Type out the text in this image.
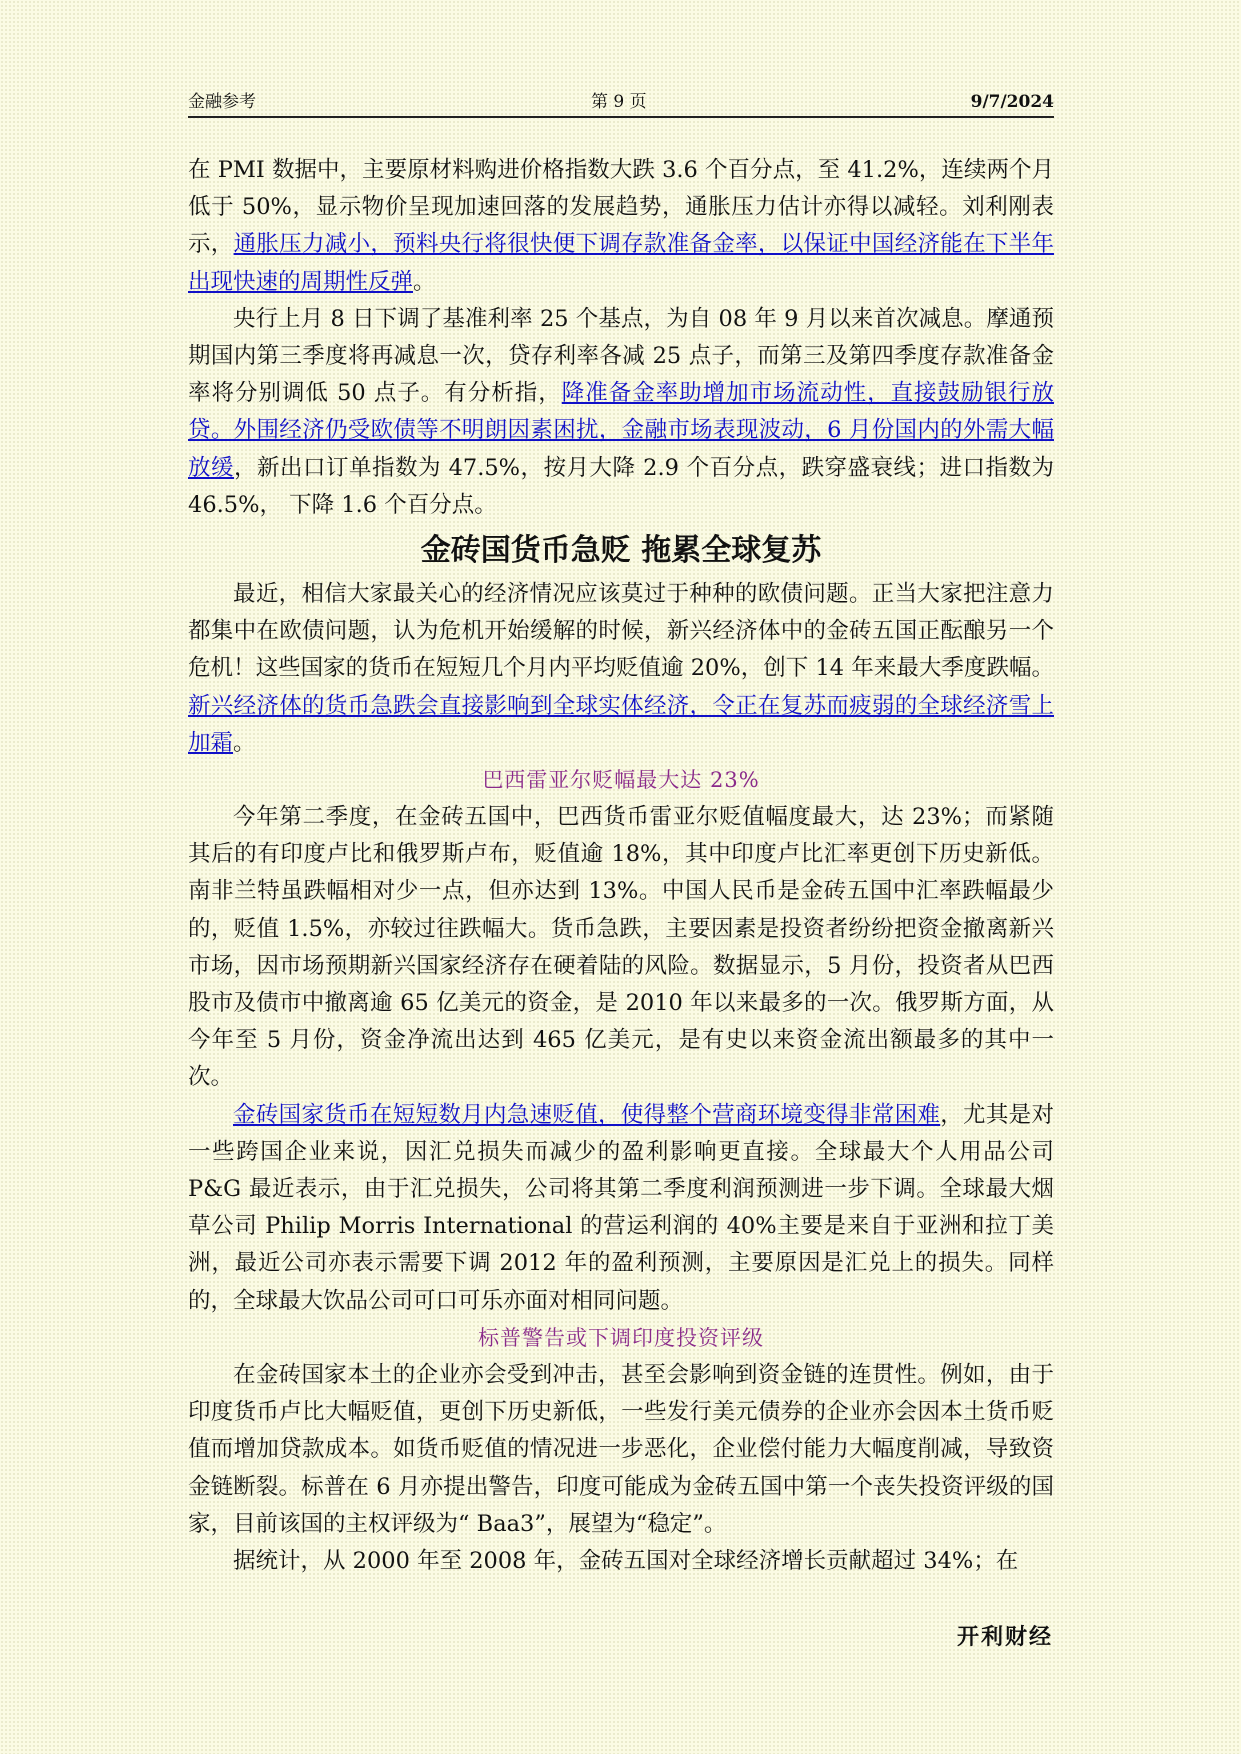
金融参考	第 9 页	9/7/2024

在 PMI 数据中，主要原材料购进价格指数大跌 3.6 个百分点，至 41.2%，连续两个月低于 50%，显示物价呈现加速回落的发展趋势，通胀压力估计亦得以减轻。刘利刚表示，通胀压力减小，预料央行将很快便下调存款准备金率，以保证中国经济能在下半年出现快速的周期性反弹。

央行上月 8 日下调了基准利率 25 个基点，为自 08 年 9 月以来首次减息。摩通预期国内第三季度将再减息一次，贷存利率各减 25 点子，而第三及第四季度存款准备金率将分别调低 50 点子。有分析指，降准备金率助增加市场流动性，直接鼓励银行放贷。外围经济仍受欧债等不明朗因素困扰，金融市场表现波动，6 月份国内的外需大幅放缓，新出口订单指数为 47.5%，按月大降 2.9 个百分点，跌穿盛衰线；进口指数为 46.5%， 下降 1.6 个百分点。

金砖国货币急贬 拖累全球复苏

最近，相信大家最关心的经济情况应该莫过于种种的欧债问题。正当大家把注意力都集中在欧债问题，认为危机开始缓解的时候，新兴经济体中的金砖五国正酝酿另一个危机！这些国家的货币在短短几个月内平均贬值逾 20%，创下 14 年来最大季度跌幅。新兴经济体的货币急跌会直接影响到全球实体经济，令正在复苏而疲弱的全球经济雪上加霜。

巴西雷亚尔贬幅最大达 23%

今年第二季度，在金砖五国中，巴西货币雷亚尔贬值幅度最大，达 23%；而紧随其后的有印度卢比和俄罗斯卢布，贬值逾 18%，其中印度卢比汇率更创下历史新低。南非兰特虽跌幅相对少一点，但亦达到 13%。中国人民币是金砖五国中汇率跌幅最少的，贬值 1.5%，亦较过往跌幅大。货币急跌，主要因素是投资者纷纷把资金撤离新兴市场，因市场预期新兴国家经济存在硬着陆的风险。数据显示，5 月份，投资者从巴西股市及债市中撤离逾 65 亿美元的资金，是 2010 年以来最多的一次。俄罗斯方面，从今年至 5 月份，资金净流出达到 465 亿美元，是有史以来资金流出额最多的其中一次。

金砖国家货币在短短数月内急速贬值，使得整个营商环境变得非常困难，尤其是对一些跨国企业来说，因汇兑损失而减少的盈利影响更直接。全球最大个人用品公司 P&G 最近表示，由于汇兑损失，公司将其第二季度利润预测进一步下调。全球最大烟草公司 Philip Morris International 的营运利润的 40%主要是来自于亚洲和拉丁美洲，最近公司亦表示需要下调 2012 年的盈利预测，主要原因是汇兑上的损失。同样的，全球最大饮品公司可口可乐亦面对相同问题。

标普警告或下调印度投资评级

在金砖国家本土的企业亦会受到冲击，甚至会影响到资金链的连贯性。例如，由于印度货币卢比大幅贬值，更创下历史新低，一些发行美元债券的企业亦会因本土货币贬值而增加贷款成本。如货币贬值的情况进一步恶化，企业偿付能力大幅度削减，导致资金链断裂。标普在 6 月亦提出警告，印度可能成为金砖五国中第一个丧失投资评级的国家，目前该国的主权评级为“ Baa3”，展望为“稳定”。

据统计，从 2000 年至 2008 年，金砖五国对全球经济增长贡献超过 34%；在

开利财经
